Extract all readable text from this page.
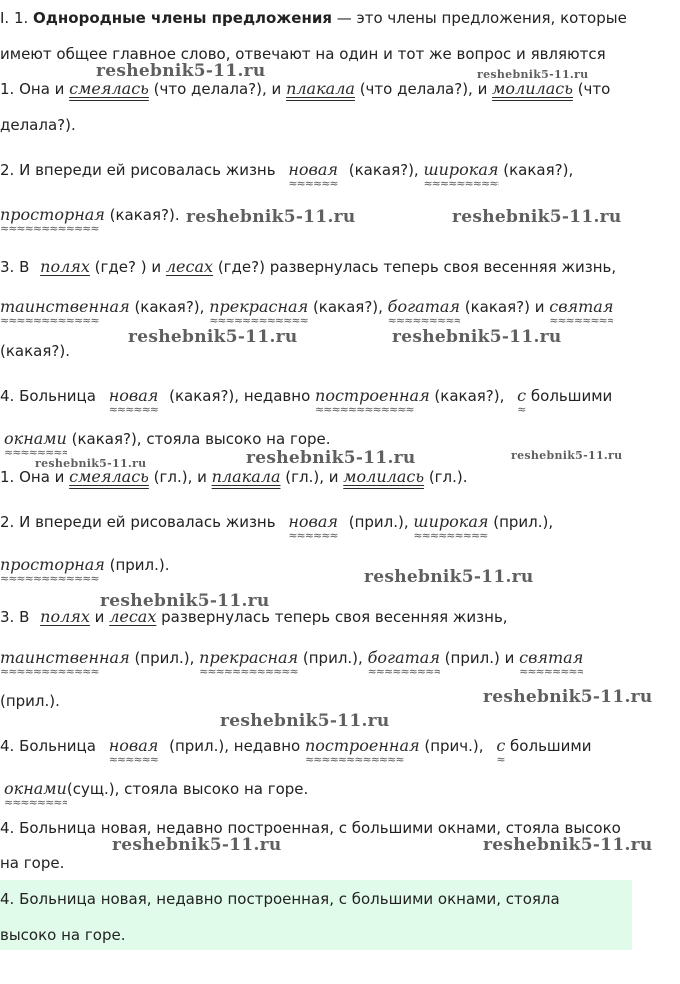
I. 1. Однородные члены предложения — это члены предложения, которые
имеют общее главное слово, отвечают на один и тот же вопрос и являются
1. Она и смеялась (что делала?), и плакала (что делала?), и молилась (что
делала?).
2. И впереди ей рисовалась жизнь новая ≈≈≈≈≈≈≈≈≈≈≈≈ (какая?), широкая ≈≈≈≈≈≈≈≈≈≈≈≈ (какая?),
просторная ≈≈≈≈≈≈≈≈≈≈≈≈ (какая?).
3. В полях (где? ) и лесах (где?) развернулась теперь своя весенняя жизнь,
таинственная ≈≈≈≈≈≈≈≈≈≈≈≈ (какая?), прекрасная ≈≈≈≈≈≈≈≈≈≈≈≈ (какая?), богатая ≈≈≈≈≈≈≈≈≈≈≈≈ (какая?) и святая ≈≈≈≈≈≈≈≈≈≈≈≈
(какая?).
4. Больница новая ≈≈≈≈≈≈≈≈≈≈≈≈ (какая?), недавно построенная ≈≈≈≈≈≈≈≈≈≈≈≈ (какая?), с ≈≈≈≈≈≈≈≈≈≈≈≈ большими
окнами ≈≈≈≈≈≈≈≈≈≈≈≈ (какая?), стояла высоко на горе.
1. Она и смеялась (гл.), и плакала (гл.), и молилась (гл.).
2. И впереди ей рисовалась жизнь новая ≈≈≈≈≈≈≈≈≈≈≈≈ (прил.), широкая ≈≈≈≈≈≈≈≈≈≈≈≈ (прил.),
просторная ≈≈≈≈≈≈≈≈≈≈≈≈ (прил.).
3. В полях и лесах развернулась теперь своя весенняя жизнь,
таинственная ≈≈≈≈≈≈≈≈≈≈≈≈ (прил.), прекрасная ≈≈≈≈≈≈≈≈≈≈≈≈ (прил.), богатая ≈≈≈≈≈≈≈≈≈≈≈≈ (прил.) и святая ≈≈≈≈≈≈≈≈≈≈≈≈
(прил.).
4. Больница новая ≈≈≈≈≈≈≈≈≈≈≈≈ (прил.), недавно построенная ≈≈≈≈≈≈≈≈≈≈≈≈ (прич.), с ≈≈≈≈≈≈≈≈≈≈≈≈ большими
окнами ≈≈≈≈≈≈≈≈≈≈≈≈(сущ.), стояла высоко на горе.
4. Больница новая, недавно построенная, с большими окнами, стояла высоко
на горе.
4. Больница новая, недавно построенная, с большими окнами, стояла
высоко на горе.
reshebnik5-11.ru	reshebnik5-11.ru
reshebnik5-11.ru	reshebnik5-11.ru
reshebnik5-11.ru	reshebnik5-11.ru
reshebnik5-11.ru	reshebnik5-11.ru	reshebnik5-11.ru
reshebnik5-11.ru
reshebnik5-11.ru
reshebnik5-11.ru
reshebnik5-11.ru
reshebnik5-11.ru	reshebnik5-11.ru
